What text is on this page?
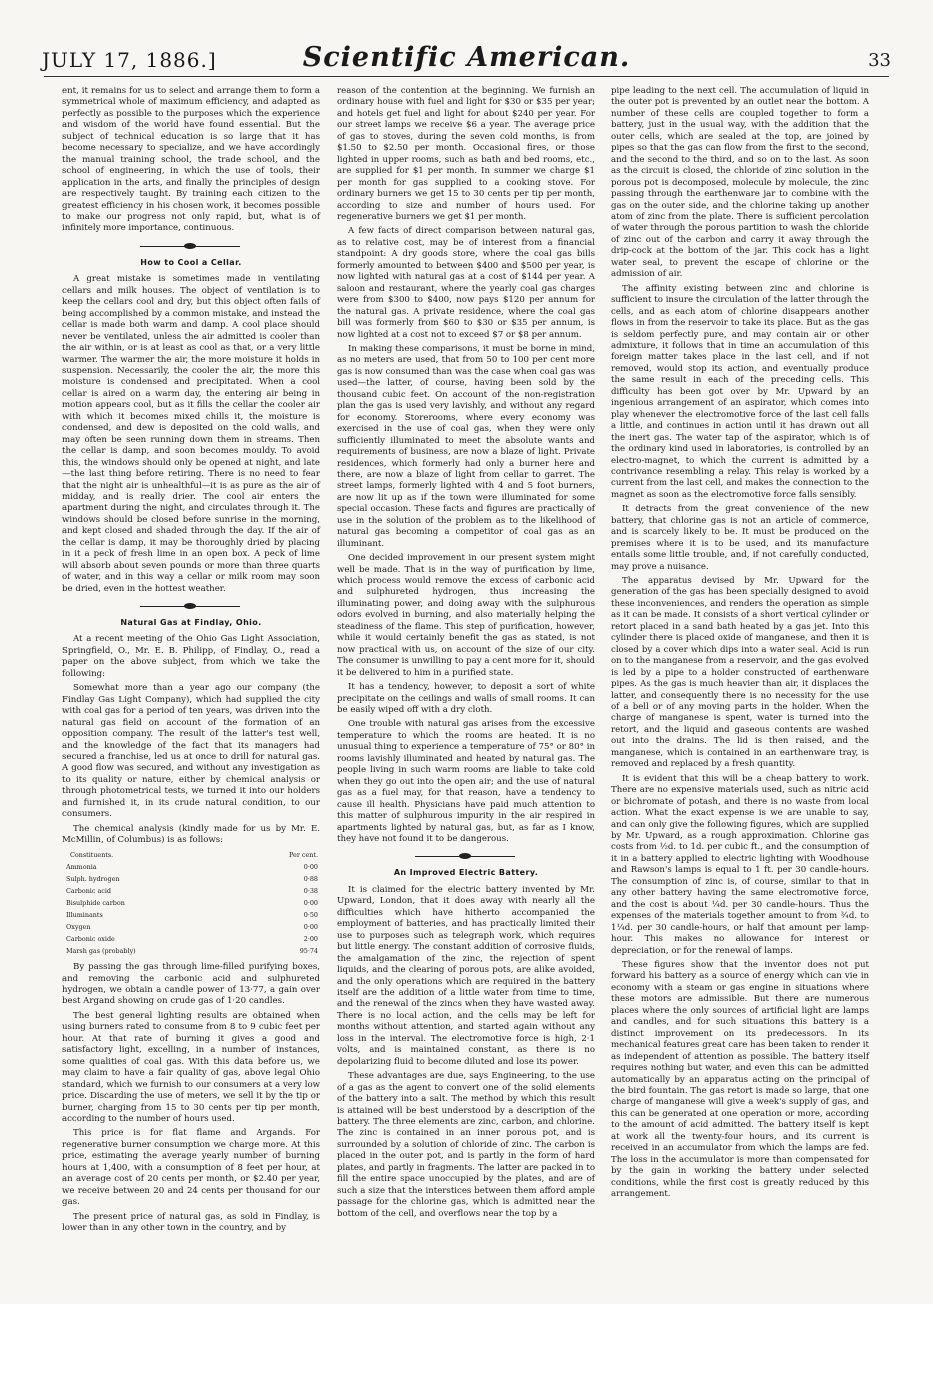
JULY 17, 1886.]	Scientific American.	33

ent, it remains for us to select and arrange them to form a symmetrical whole of maximum efficiency, and adapted as perfectly as possible to the purposes which the experience and wisdom of the world have found essential. But the subject of technical education is so large that it has become necessary to specialize, and we have accordingly the manual training school, the trade school, and the school of engineering, in which the use of tools, their application in the arts, and finally the principles of design are respectively taught. By training each citizen to the greatest efficiency in his chosen work, it becomes possible to make our progress not only rapid, but, what is of infinitely more importance, continuous.

How to Cool a Cellar.

A great mistake is sometimes made in ventilating cellars and milk houses. The object of ventilation is to keep the cellars cool and dry, but this object often fails of being accomplished by a common mistake, and instead the cellar is made both warm and damp. A cool place should never be ventilated, unless the air admitted is cooler than the air within, or is at least as cool as that, or a very little warmer. The warmer the air, the more moisture it holds in suspension. Necessarily, the cooler the air, the more this moisture is condensed and precipitated. When a cool cellar is aired on a warm day, the entering air being in motion appears cool, but as it fills the cellar the cooler air with which it becomes mixed chills it, the moisture is condensed, and dew is deposited on the cold walls, and may often be seen running down them in streams. Then the cellar is damp, and soon becomes mouldy. To avoid this, the windows should only be opened at night, and late—the last thing before retiring. There is no need to fear that the night air is unhealthful—it is as pure as the air of midday, and is really drier. The cool air enters the apartment during the night, and circulates through it. The windows should be closed before sunrise in the morning, and kept closed and shaded through the day. If the air of the cellar is damp, it may be thoroughly dried by placing in it a peck of fresh lime in an open box. A peck of lime will absorb about seven pounds or more than three quarts of water, and in this way a cellar or milk room may soon be dried, even in the hottest weather.

Natural Gas at Findlay, Ohio.

At a recent meeting of the Ohio Gas Light Association, Springfield, O., Mr. E. B. Philipp, of Findlay, O., read a paper on the above subject, from which we take the following:

Somewhat more than a year ago our company (the Findlay Gas Light Company), which had supplied the city with coal gas for a period of ten years, was driven into the natural gas field on account of the formation of an opposition company. The result of the latter's test well, and the knowledge of the fact that its managers had secured a franchise, led us at once to drill for natural gas. A good flow was secured, and without any investigation as to its quality or nature, either by chemical analysis or through photometrical tests, we turned it into our holders and furnished it, in its crude natural condition, to our consumers.

The chemical analysis (kindly made for us by Mr. E. McMillin, of Columbus) is as follows:

Constituents.	Per cent.
Ammonia	0·00
Sulph. hydrogen	0·88
Carbonic acid	0·38
Bisulphide carbon	0·00
Illuminants	0·50
Oxygen	0·00
Carbonic oxide	2·00
Marsh gas (probably)	95·74

By passing the gas through lime-filled purifying boxes, and removing the carbonic acid and sulphureted hydrogen, we obtain a candle power of 13·77, a gain over best Argand showing on crude gas of 1·20 candles.

The best general lighting results are obtained when using burners rated to consume from 8 to 9 cubic feet per hour. At that rate of burning it gives a good and satisfactory light, excelling, in a number of instances, some qualities of coal gas. With this data before us, we may claim to have a fair quality of gas, above legal Ohio standard, which we furnish to our consumers at a very low price. Discarding the use of meters, we sell it by the tip or burner, charging from 15 to 30 cents per tip per month, according to the number of hours used.

This price is for flat flame and Argands. For regenerative burner consumption we charge more. At this price, estimating the average yearly number of burning hours at 1,400, with a consumption of 8 feet per hour, at an average cost of 20 cents per month, or $2.40 per year, we receive between 20 and 24 cents per thousand for our gas.

The present price of natural gas, as sold in Findlay, is lower than in any other town in the country, and by

reason of the contention at the beginning. We furnish an ordinary house with fuel and light for $30 or $35 per year; and hotels get fuel and light for about $240 per year. For our street lamps we receive $6 a year. The average price of gas to stoves, during the seven cold months, is from $1.50 to $2.50 per month. Occasional fires, or those lighted in upper rooms, such as bath and bed rooms, etc., are supplied for $1 per month. In summer we charge $1 per month for gas supplied to a cooking stove. For ordinary burners we get 15 to 30 cents per tip per month, according to size and number of hours used. For regenerative burners we get $1 per month.

A few facts of direct comparison between natural gas, as to relative cost, may be of interest from a financial standpoint: A dry goods store, where the coal gas bills formerly amounted to between $400 and $500 per year, is now lighted with natural gas at a cost of $144 per year. A saloon and restaurant, where the yearly coal gas charges were from $300 to $400, now pays $120 per annum for the natural gas. A private residence, where the coal gas bill was formerly from $60 to $30 or $35 per annum, is now lighted at a cost not to exceed $7 or $8 per annum.

In making these comparisons, it must be borne in mind, as no meters are used, that from 50 to 100 per cent more gas is now consumed than was the case when coal gas was used—the latter, of course, having been sold by the thousand cubic feet. On account of the non-registration plan the gas is used very lavishly, and without any regard for economy. Storerooms, where every economy was exercised in the use of coal gas, when they were only sufficiently illuminated to meet the absolute wants and requirements of business, are now a blaze of light. Private residences, which formerly had only a burner here and there, are now a blaze of light from cellar to garret. The street lamps, formerly lighted with 4 and 5 foot burners, are now lit up as if the town were illuminated for some special occasion. These facts and figures are practically of use in the solution of the problem as to the likelihood of natural gas becoming a competitor of coal gas as an illuminant.

One decided improvement in our present system might well be made. That is in the way of purification by lime, which process would remove the excess of carbonic acid and sulphureted hydrogen, thus increasing the illuminating power, and doing away with the sulphurous odors evolved in burning, and also materially helping the steadiness of the flame. This step of purification, however, while it would certainly benefit the gas as stated, is not now practical with us, on account of the size of our city. The consumer is unwilling to pay a cent more for it, should it be delivered to him in a purified state.

It has a tendency, however, to deposit a sort of white precipitate on the ceilings and walls of small rooms. It can be easily wiped off with a dry cloth.

One trouble with natural gas arises from the excessive temperature to which the rooms are heated. It is no unusual thing to experience a temperature of 75° or 80° in rooms lavishly illuminated and heated by natural gas. The people living in such warm rooms are liable to take cold when they go out into the open air; and the use of natural gas as a fuel may, for that reason, have a tendency to cause ill health. Physicians have paid much attention to this matter of sulphurous impurity in the air respired in apartments lighted by natural gas, but, as far as I know, they have not found it to be dangerous.

An Improved Electric Battery.

It is claimed for the electric battery invented by Mr. Upward, London, that it does away with nearly all the difficulties which have hitherto accompanied the employment of batteries, and has practically limited their use to purposes such as telegraph work, which requires but little energy. The constant addition of corrosive fluids, the amalgamation of the zinc, the rejection of spent liquids, and the clearing of porous pots, are alike avoided, and the only operations which are required in the battery itself are the addition of a little water from time to time, and the renewal of the zincs when they have wasted away. There is no local action, and the cells may be left for months without attention, and started again without any loss in the interval. The electromotive force is high, 2·1 volts, and is maintained constant, as there is no depolarizing fluid to become diluted and lose its power.

These advantages are due, says Engineering, to the use of a gas as the agent to convert one of the solid elements of the battery into a salt. The method by which this result is attained will be best understood by a description of the battery. The three elements are zinc, carbon, and chlorine. The zinc is contained in an inner porous pot, and is surrounded by a solution of chloride of zinc. The carbon is placed in the outer pot, and is partly in the form of hard plates, and partly in fragments. The latter are packed in to fill the entire space unoccupied by the plates, and are of such a size that the interstices between them afford ample passage for the chlorine gas, which is admitted near the bottom of the cell, and overflows near the top by a

pipe leading to the next cell. The accumulation of liquid in the outer pot is prevented by an outlet near the bottom. A number of these cells are coupled together to form a battery, just in the usual way, with the addition that the outer cells, which are sealed at the top, are joined by pipes so that the gas can flow from the first to the second, and the second to the third, and so on to the last. As soon as the circuit is closed, the chloride of zinc solution in the porous pot is decomposed, molecule by molecule, the zinc passing through the earthenware jar to combine with the gas on the outer side, and the chlorine taking up another atom of zinc from the plate. There is sufficient percolation of water through the porous partition to wash the chloride of zinc out of the carbon and carry it away through the drip-cock at the bottom of the jar. This cock has a light water seal, to prevent the escape of chlorine or the admission of air.

The affinity existing between zinc and chlorine is sufficient to insure the circulation of the latter through the cells, and as each atom of chlorine disappears another flows in from the reservoir to take its place. But as the gas is seldom perfectly pure, and may contain air or other admixture, it follows that in time an accumulation of this foreign matter takes place in the last cell, and if not removed, would stop its action, and eventually produce the same result in each of the preceding cells. This difficulty has been got over by Mr. Upward by an ingenious arrangement of an aspirator, which comes into play whenever the electromotive force of the last cell falls a little, and continues in action until it has drawn out all the inert gas. The water tap of the aspirator, which is of the ordinary kind used in laboratories, is controlled by an electro-magnet, to which the current is admitted by a contrivance resembling a relay. This relay is worked by a current from the last cell, and makes the connection to the magnet as soon as the electromotive force falls sensibly.

It detracts from the great convenience of the new battery, that chlorine gas is not an article of commerce, and is scarcely likely to be. It must be produced on the premises where it is to be used, and its manufacture entails some little trouble, and, if not carefully conducted, may prove a nuisance.

The apparatus devised by Mr. Upward for the generation of the gas has been specially designed to avoid these inconveniences, and renders the operation as simple as it can be made. It consists of a short vertical cylinder or retort placed in a sand bath heated by a gas jet. Into this cylinder there is placed oxide of manganese, and then it is closed by a cover which dips into a water seal. Acid is run on to the manganese from a reservoir, and the gas evolved is led by a pipe to a holder constructed of earthenware pipes. As the gas is much heavier than air, it displaces the latter, and consequently there is no necessity for the use of a bell or of any moving parts in the holder. When the charge of manganese is spent, water is turned into the retort, and the liquid and gaseous contents are washed out into the drains. The lid is then raised, and the manganese, which is contained in an earthenware tray, is removed and replaced by a fresh quantity.

It is evident that this will be a cheap battery to work. There are no expensive materials used, such as nitric acid or bichromate of potash, and there is no waste from local action. What the exact expense is we are unable to say, and can only give the following figures, which are supplied by Mr. Upward, as a rough approximation. Chlorine gas costs from ½d. to 1d. per cubic ft., and the consumption of it in a battery applied to electric lighting with Woodhouse and Rawson's lamps is equal to 1 ft. per 30 candle-hours. The consumption of zinc is, of course, similar to that in any other battery having the same electromotive force, and the cost is about ¼d. per 30 candle-hours. Thus the expenses of the materials together amount to from ¾d. to 1¼d. per 30 candle-hours, or half that amount per lamp-hour. This makes no allowance for interest or depreciation, or for the renewal of lamps.

These figures show that the inventor does not put forward his battery as a source of energy which can vie in economy with a steam or gas engine in situations where these motors are admissible. But there are numerous places where the only sources of artificial light are lamps and candles, and for such situations this battery is a distinct improvement on its predecessors. In its mechanical features great care has been taken to render it as independent of attention as possible. The battery itself requires nothing but water, and even this can be admitted automatically by an apparatus acting on the principal of the bird fountain. The gas retort is made so large, that one charge of manganese will give a week's supply of gas, and this can be generated at one operation or more, according to the amount of acid admitted. The battery itself is kept at work all the twenty-four hours, and its current is received in an accumulator from which the lamps are fed. The loss in the accumulator is more than compensated for by the gain in working the battery under selected conditions, while the first cost is greatly reduced by this arrangement.
